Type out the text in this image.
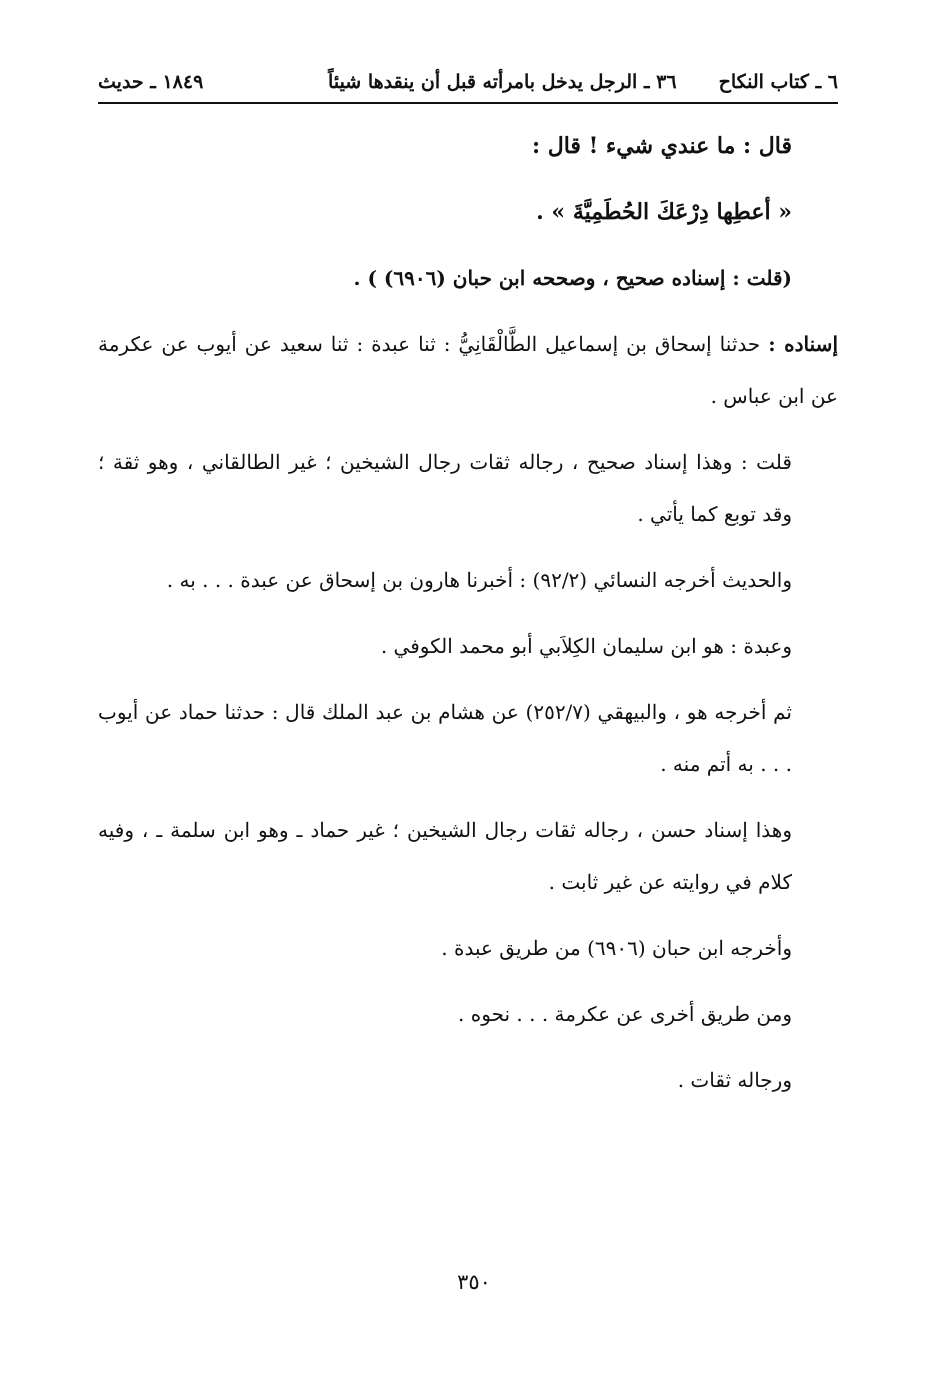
٦ ـ كتاب النكاح
٣٦ ـ الرجل يدخل بامرأته قبل أن ينقدها شيئاً
١٨٤٩ ـ حديث

قال : ما عندي شيء ! قال :

« أعطِها دِرْعَكَ الحُطَمِيَّةَ » .

(قلت : إسناده صحيح ، وصححه ابن حبان (٦٩٠٦) ) .

إسناده : حدثنا إسحاق بن إسماعيل الطَّالْقَانِيُّ : ثنا عبدة : ثنا سعيد عن أيوب عن عكرمة عن ابن عباس .

قلت : وهذا إسناد صحيح ، رجاله ثقات رجال الشيخين ؛ غير الطالقاني ، وهو ثقة ؛ وقد توبع كما يأتي .

والحديث أخرجه النسائي (٩٢/٢) : أخبرنا هارون بن إسحاق عن عبدة . . . به .

وعبدة : هو ابن سليمان الكِلاَبي أبو محمد الكوفي .

ثم أخرجه هو ، والبيهقي (٢٥٢/٧) عن هشام بن عبد الملك قال : حدثنا حماد عن أيوب . . . به أتم منه .

وهذا إسناد حسن ، رجاله ثقات رجال الشيخين ؛ غير حماد ـ وهو ابن سلمة ـ ، وفيه كلام في روايته عن غير ثابت .

وأخرجه ابن حبان (٦٩٠٦) من طريق عبدة .

ومن طريق أخرى عن عكرمة . . . نحوه .

ورجاله ثقات .

٣٥٠
